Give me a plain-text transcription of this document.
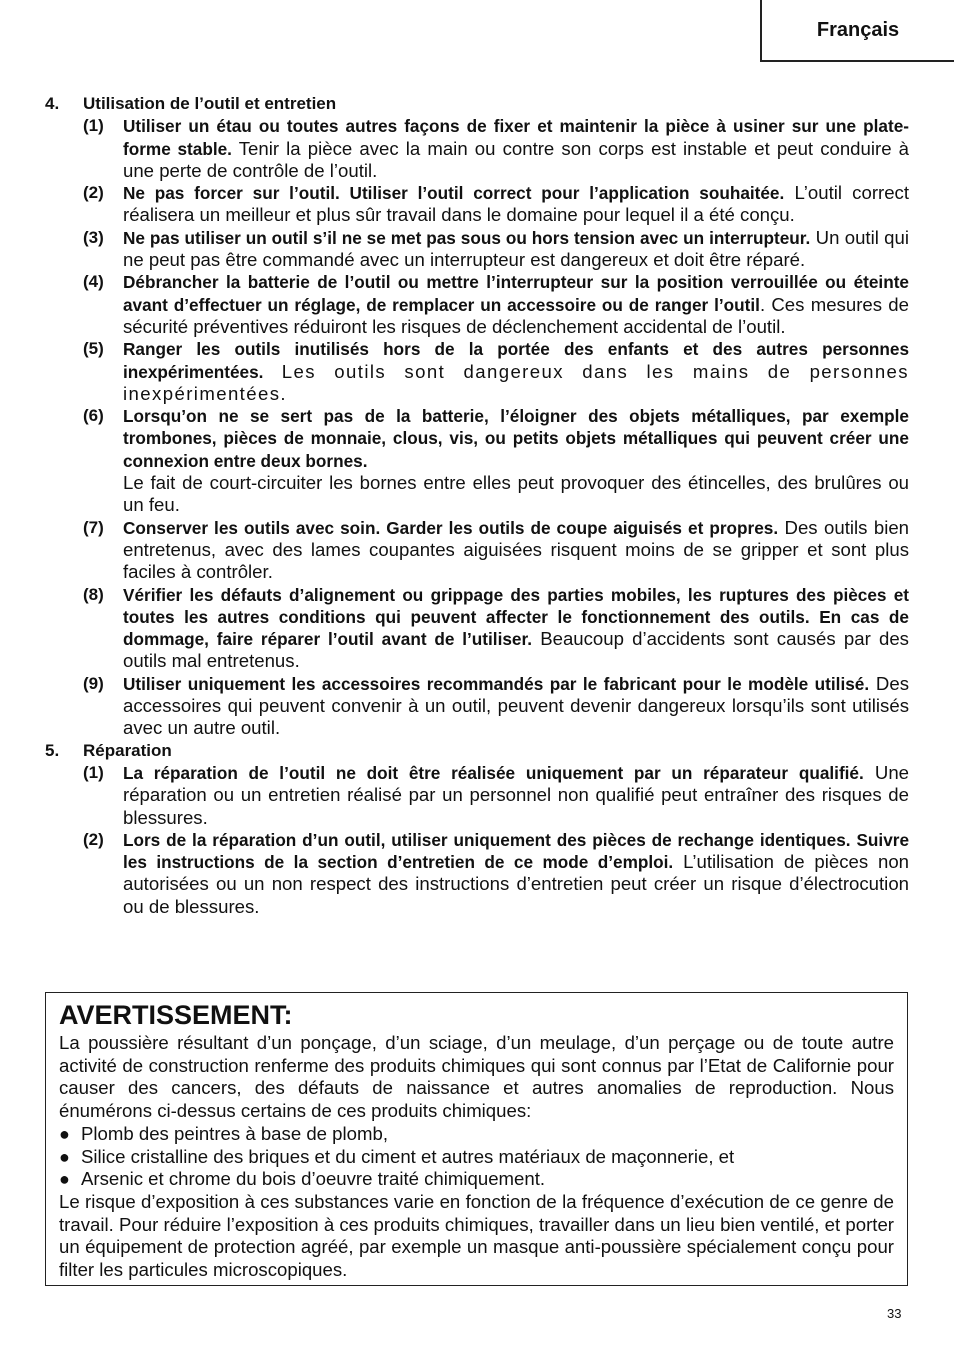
Français
4.	Utilisation de l’outil et entretien
(1)	Utiliser un étau ou toutes autres façons de fixer et maintenir la pièce à usiner sur une plate-forme stable. Tenir la pièce avec la main ou contre son corps est instable et peut conduire à une perte de contrôle de l’outil.
(2)	Ne pas forcer sur l’outil. Utiliser l’outil correct pour l’application souhaitée. L’outil correct réalisera un meilleur et plus sûr travail dans le domaine pour lequel il a été conçu.
(3)	Ne pas utiliser un outil s’il ne se met pas sous ou hors tension avec un interrupteur. Un outil qui ne peut pas être commandé avec un interrupteur est dangereux et doit être réparé.
(4)	Débrancher la batterie de l’outil ou mettre l’interrupteur sur la position verrouillée ou éteinte avant d’effectuer un réglage, de remplacer un accessoire ou de ranger l’outil. Ces mesures de sécurité préventives réduiront les risques de déclenchement accidental de l’outil.
(5)	Ranger les outils inutilisés hors de la portée des enfants et des autres personnes inexpérimentées. Les outils sont dangereux dans les mains de personnes inexpérimentées.
(6)	Lorsqu’on ne se sert pas de la batterie, l’éloigner des objets métalliques, par exemple trombones, pièces de monnaie, clous, vis, ou petits objets métalliques qui peuvent créer une connexion entre deux bornes.
Le fait de court-circuiter les bornes entre elles peut provoquer des étincelles, des brulûres ou un feu.
(7)	Conserver les outils avec soin. Garder les outils de coupe aiguisés et propres. Des outils bien entretenus, avec des lames coupantes aiguisées risquent moins de se gripper et sont plus faciles à contrôler.
(8)	Vérifier les défauts d’alignement ou grippage des parties mobiles, les ruptures des pièces et toutes les autres conditions qui peuvent affecter le fonctionnement des outils. En cas de dommage, faire réparer l’outil avant de l’utiliser. Beaucoup d’accidents sont causés par des outils mal entretenus.
(9)	Utiliser uniquement les accessoires recommandés par le fabricant pour le modèle utilisé. Des accessoires qui peuvent convenir à un outil, peuvent devenir dangereux lorsqu’ils sont utilisés avec un autre outil.
5.	Réparation
(1)	La réparation de l’outil ne doit être réalisée uniquement par un réparateur qualifié. Une réparation ou un entretien réalisé par un personnel non qualifié peut entraîner des risques de blessures.
(2)	Lors de la réparation d’un outil, utiliser uniquement des pièces de rechange identiques. Suivre les instructions de la section d’entretien de ce mode d’emploi. L’utilisation de pièces non autorisées ou un non respect des instructions d’entretien peut créer un risque d’électrocution ou de blessures.
AVERTISSEMENT:
La poussière résultant d’un ponçage, d’un sciage, d’un meulage, d’un perçage ou de toute autre activité de construction renferme des produits chimiques qui sont connus par l’Etat de Californie pour causer des cancers, des défauts de naissance et autres anomalies de reproduction. Nous énumérons ci-dessus certains de ces produits chimiques:
● Plomb des peintres à base de plomb,
● Silice cristalline des briques et du ciment et autres matériaux de maçonnerie, et
● Arsenic et chrome du bois d’oeuvre traité chimiquement.
Le risque d’exposition à ces substances varie en fonction de la fréquence d’exécution de ce genre de travail. Pour réduire l’exposition à ces produits chimiques, travailler dans un lieu bien ventilé, et porter un équipement de protection agréé, par exemple un masque anti-poussière spécialement conçu pour filter les particules microscopiques.
33
